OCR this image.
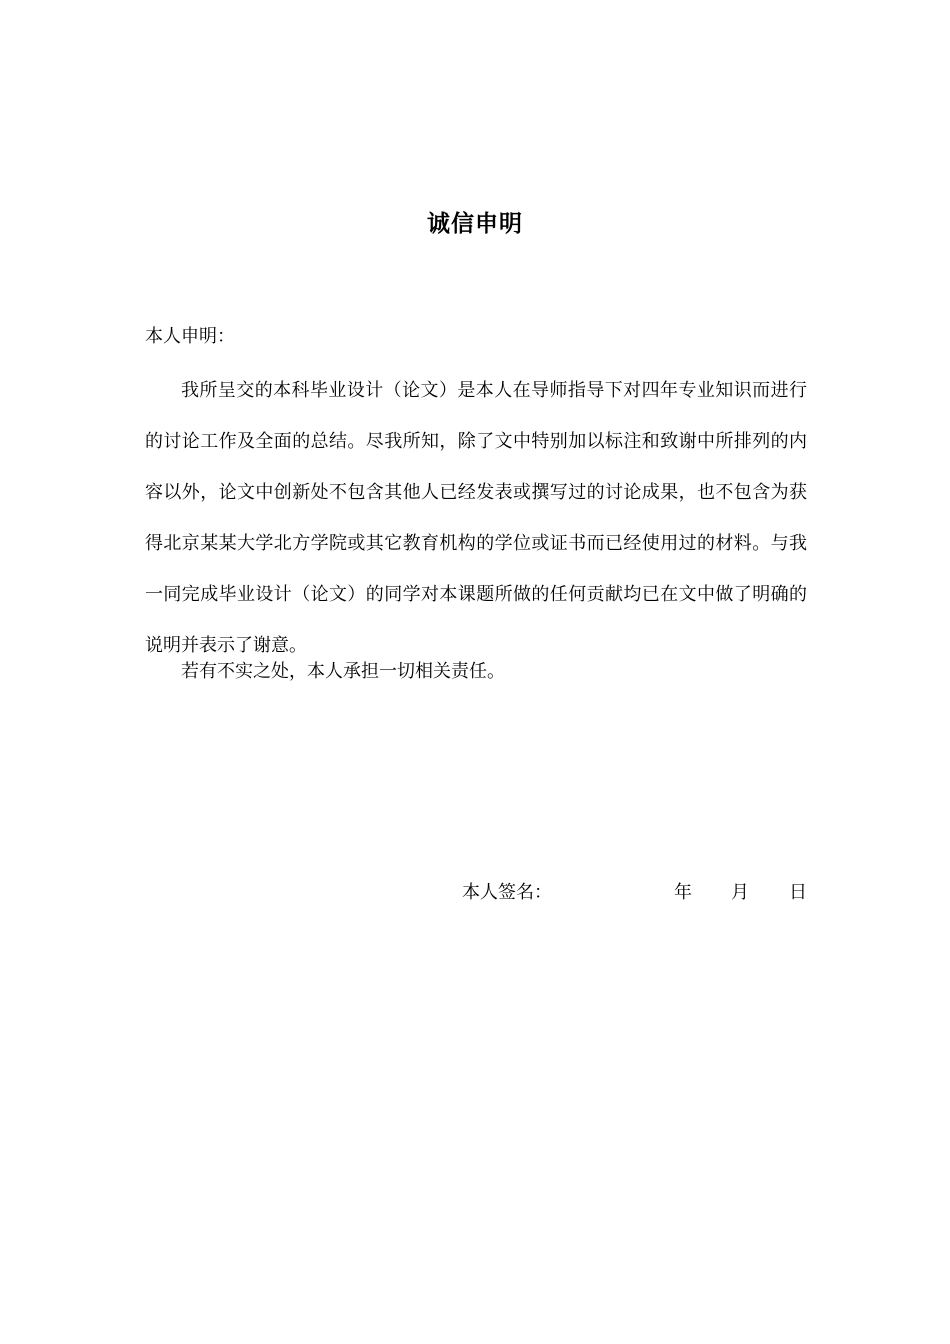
诚信申明
本人申明：

我所呈交的本科毕业设计（论文）是本人在导师指导下对四年专业知识而进行的讨论工作及全面的总结。尽我所知，除了文中特别加以标注和致谢中所排列的内容以外，论文中创新处不包含其他人已经发表或撰写过的讨论成果，也不包含为获得北京某某大学北方学院或其它教育机构的学位或证书而已经使用过的材料。与我一同完成毕业设计（论文）的同学对本课题所做的任何贡献均已在文中做了明确的说明并表示了谢意。

若有不实之处，本人承担一切相关责任。

本人签名：	年 月 日
